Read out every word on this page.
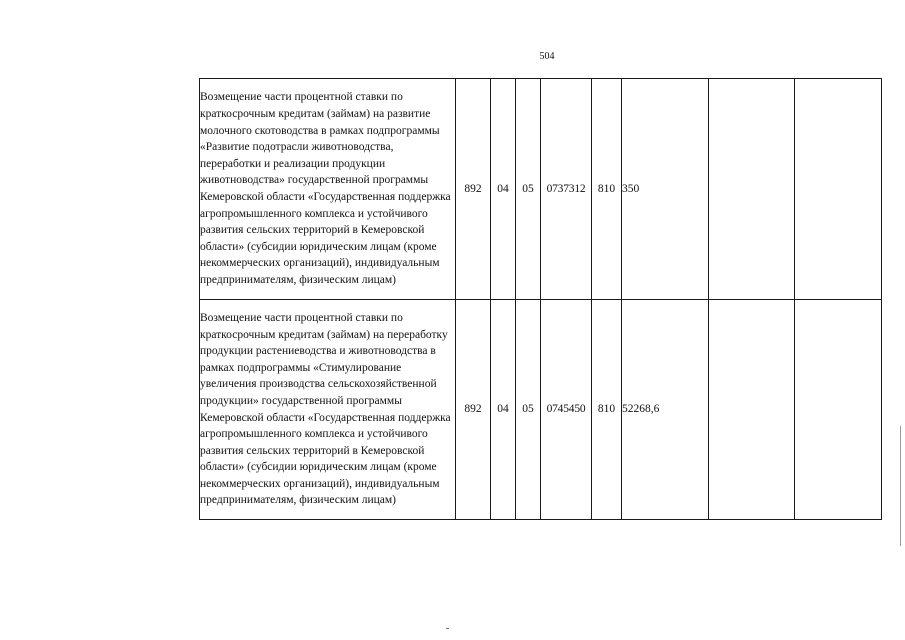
504
Возмещение части процентной ставки по краткосрочным кредитам (займам) на развитие молочного скотоводства в рамках подпрограммы «Развитие подотрасли животноводства, переработки и реализации продукции животноводства» государственной программы Кемеровской области «Государственная поддержка агропромышленного комплекса и устойчивого развития сельских территорий в Кемеровской области» (субсидии юридическим лицам (кроме некоммерческих организаций), индивидуальным предпринимателям, физическим лицам)	892	04	05	0737312	810	350		
Возмещение части процентной ставки по краткосрочным кредитам (займам) на переработку продукции растениеводства и животноводства в рамках подпрограммы «Стимулирование увеличения производства сельскохозяйственной продукции» государственной программы Кемеровской области «Государственная поддержка агропромышленного комплекса и устойчивого развития сельских территорий в Кемеровской области» (субсидии юридическим лицам (кроме некоммерческих организаций), индивидуальным предпринимателям, физическим лицам)	892	04	05	0745450	810	52268,6		
